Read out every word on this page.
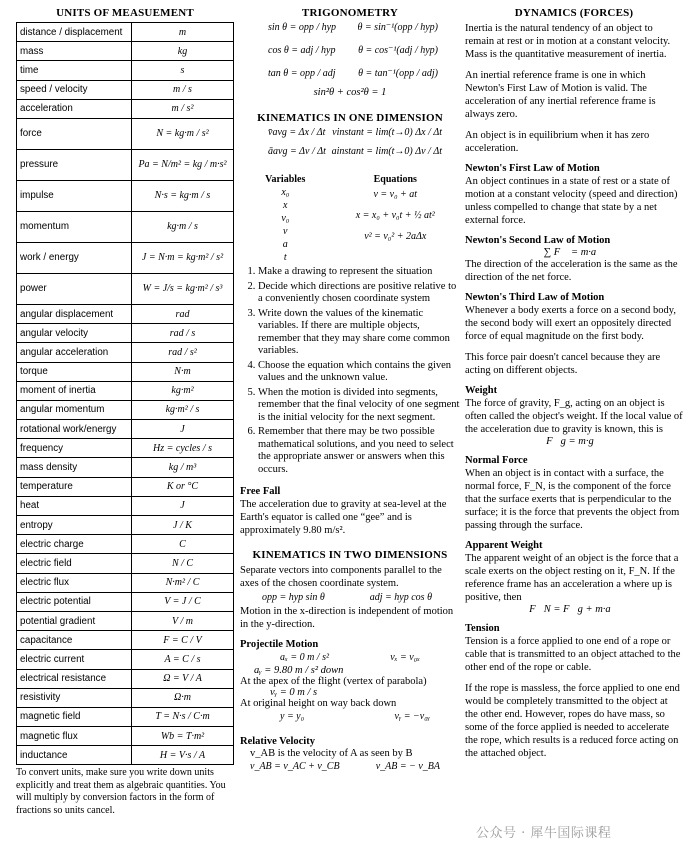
UNITS OF MEASUEMENT
distance / displacement	m
mass	kg
time	s
speed / velocity	m / s
acceleration	m / s²
force	N = kg·m / s²
pressure	Pa = N/m² = kg / m·s²
impulse	N·s = kg·m / s
momentum	kg·m / s
work / energy	J = N·m = kg·m² / s²
power	W = J/s = kg·m² / s³
angular displacement	rad
angular velocity	rad / s
angular acceleration	rad / s²
torque	N·m
moment of inertia	kg·m²
angular momentum	kg·m² / s
rotational work/energy	J
frequency	Hz = cycles / s
mass density	kg / m³
temperature	K or °C
heat	J
entropy	J / K
electric charge	C
electric field	N / C
electric flux	N·m² / C
electric potential	V = J / C
potential gradient	V / m
capacitance	F = C / V
electric current	A = C / s
electrical resistance	Ω = V / A
resistivity	Ω·m
magnetic field	T = N·s / C·m
magnetic flux	Wb = T·m²
inductance	H = V·s / A
To convert units, make sure you write down units explicitly and treat them as algebraic quantities. You will multiply by conversion factors in the form of fractions so units cancel.
TRIGONOMETRY
sin θ = opp / hyp θ = sin⁻¹(opp / hyp)
cos θ = adj / hyp θ = cos⁻¹(adj / hyp)
tan θ = opp / adj θ = tan⁻¹(opp / adj)
sin²θ + cos²θ = 1
KINEMATICS IN ONE DIMENSION
v̄avg = Δx / Δt vinstant = lim(t→0) Δx / Δt
āavg = Δv / Δt ainstant = lim(t→0) Δv / Δt
Variables
x₀
x
v₀
v
a
t
Equations
v = v₀ + at
x = x₀ + v₀t + ½ at²
v² = v₀² + 2aΔx
1. Make a drawing to represent the situation
2. Decide which directions are positive relative to a conveniently chosen coordinate system
3. Write down the values of the kinematic variables. If there are multiple objects, remember that they may share come common variables.
4. Choose the equation which contains the given values and the unknown value.
5. When the motion is divided into segments, remember that the final velocity of one segment is the initial velocity for the next segment.
6. Remember that there may be two possible mathematical solutions, and you need to select the appropriate answer or answers when this occurs.
Free Fall

The acceleration due to gravity at sea-level at the Earth's equator is called one “gee” and is approximately 9.80 m/s².

KINEMATICS IN TWO DIMENSIONS

Separate vectors into components parallel to the axes of the chosen coordinate system.

opp = hyp sin θ	adj = hyp cos θ

Motion in the x-direction is independent of motion in the y-direction.

Projectile Motion
aₓ = 0 m / s²	vₓ = v₀ₓ
aᵧ = 9.80 m / s² down
At the apex of the flight (vertex of parabola)
vᵧ = 0 m / s
At original height on way back down
y = y₀	vᵧ = −v₀ᵧ
Relative Velocity
v_AB is the velocity of A as seen by B
v_AB = v_AC + v_CB	v_AB = − v_BA
DYNAMICS (FORCES)

Inertia is the natural tendency of an object to remain at rest or in motion at a constant velocity. Mass is the quantitative measurement of inertia.

An inertial reference frame is one in which Newton's First Law of Motion is valid. The acceleration of any inertial reference frame is always zero.

An object is in equilibrium when it has zero acceleration.

Newton's First Law of Motion

An object continues in a state of rest or a state of motion at a constant velocity (speed and direction) unless compelled to change that state by a net external force.

Newton's Second Law of Motion
∑ F⃗ = m·a⃗

The direction of the acceleration is the same as the direction of the net force.

Newton's Third Law of Motion

Whenever a body exerts a force on a second body, the second body will exert an oppositely directed force of equal magnitude on the first body.

This force pair doesn't cancel because they are acting on different objects.

Weight

The force of gravity, F_g, acting on an object is often called the object's weight. If the local value of the acceleration due to gravity is known, this is

F⃗g = m·g⃗
Normal Force

When an object is in contact with a surface, the normal force, F_N, is the component of the force that the surface exerts that is perpendicular to the surface; it is the force that prevents the object from passing through the surface.

Apparent Weight

The apparent weight of an object is the force that a scale exerts on the object resting on it, F_N. If the reference frame has an acceleration a where up is positive, then

F⃗N = F⃗g + m·a⃗
Tension

Tension is a force applied to one end of a rope or cable that is transmitted to an object attached to the other end of the rope or cable.

If the rope is massless, the force applied to one end would be completely transmitted to the object at the other end. However, ropes do have mass, so some of the force applied is needed to accelerate the rope, which results is a reduced force acting on the attached object.

公众号 · 犀牛国际课程
